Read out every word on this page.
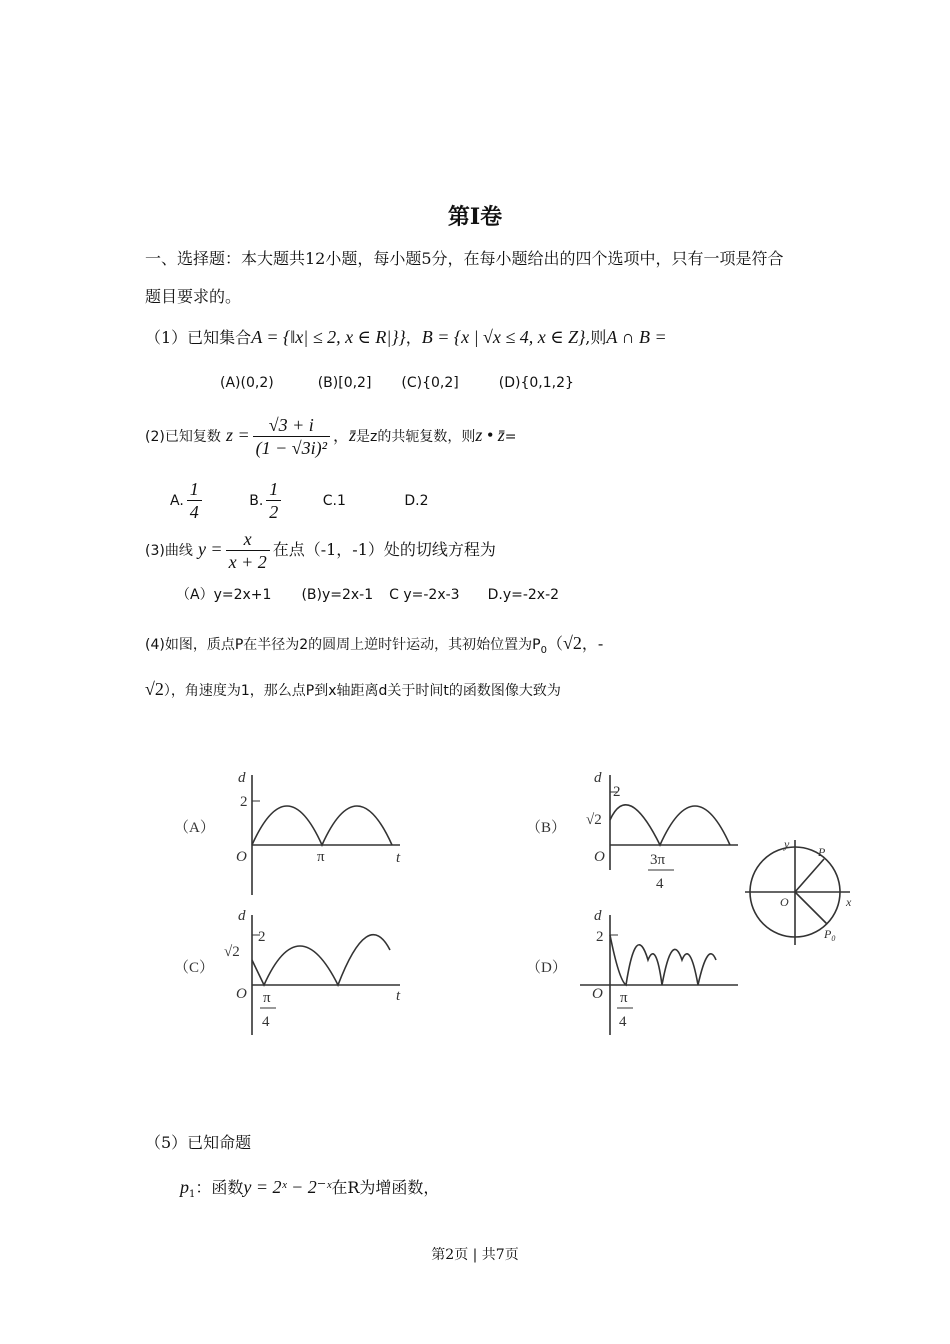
第I卷
一、选择题：本大题共12小题，每小题5分，在每小题给出的四个选项中，只有一项是符合
题目要求的。
（1）已知集合A = {‖x| ≤ 2, x ∈ R|}}，B = {x | √x ≤ 4, x ∈ Z},则A ∩ B =
(A)(0,2)	(B)[0,2] (C){0,2]	(D){0,1,2}
(2)已知复数 $z = \frac{√3 + i}{\text{(1 − √3i)²}}$ ，z̄是z的共轭复数，则z • z̄=
A. $\frac{1}{4}$	B. $\frac{1}{2}$	C.1	D.2
(3)曲线 $y = \frac{x}{x + 2}$ 在点（-1，-1）处的切线方程为
（A）y=2x+1 (B)y=2x-1 C y=-2x-3 D.y=-2x-2
(4)如图，质点P在半径为2的圆周上逆时针运动，其初始位置为$P_0(√2$，-
√2），角速度为1，那么点P到x轴距离d关于时间t的函数图像大致为
（A）
d
2
O	π	t
（B）
d
2
√2
O	3π
4
（C）
d
2
√2
O π
4
t
（D）
d
2
O π
4
y
x
O
P
$P_0$
（5）已知命题
$p_1$：函数y = 2ˣ − 2⁻ˣ在R为增函数，
第2页 | 共7页
